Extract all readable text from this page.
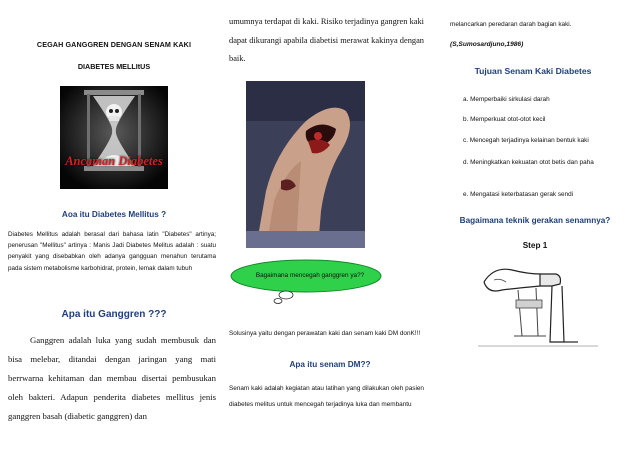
CEGAH GANGGREN DENGAN SENAM KAKI
DIABETES MELLItUS
Ancaman Diabetes
Aoa itu Diabetes Mellitus ?
Diabetes Mellitus adalah berasal dari bahasa latin "Diabetes" artinya; penerusan "Mellitus" artinya : Manis Jadi Diabetes Melitus adalah : suatu penyakit yang disebabkan oleh adanya gangguan menahun terutama pada sistem metabolisme karbohidrat, protein, lemak dalam tubuh
Apa itu Ganggren ???
Ganggren adalah luka yang sudah membusuk dan bisa melebar, ditandai dengan jaringan yang mati berrwarna kehitaman dan membau disertai pembusukan oleh bakteri. Adapun penderita diabetes mellitus jenis ganggren basah (diabetic ganggren) dan
umumnya terdapat di kaki. Risiko terjadinya gangren kaki dapat dikurangi apabila diabetisi merawat kakinya dengan baik.
Bagaimana mencegah ganggren ya??
Solusinya yaitu dengan perawatan kaki dan senam kaki DM donK!!!
Apa itu senam DM??
Senam kaki adalah kegiatan atau latihan yang dilakukan oleh pasien diabetes melitus untuk mencegah terjadinya luka dan membantu
melancarkan peredaran darah bagian kaki.
(S,Sumosardjuno,1986)
Tujuan Senam Kaki Diabetes
a. Memperbaiki sirkulasi darah
b. Memperkuat otot-otot kecil
c. Mencegah terjadinya kelainan bentuk kaki
d. Meningkatkan kekuatan otot betis dan paha
e. Mengatasi keterbatasan gerak sendi
Bagaimana teknik gerakan senamnya?
Step 1
